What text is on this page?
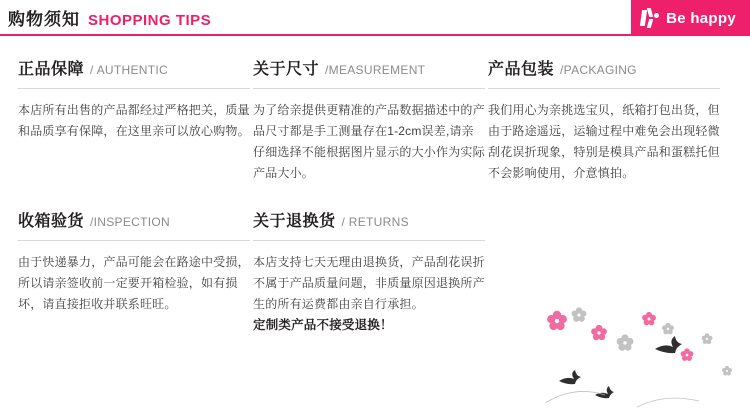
购物须知 SHOPPING TIPS	Be happy
正品保障 / AUTHENTIC

本店所有出售的产品都经过严格把关，质量和品质享有保障，在这里亲可以放心购物。

关于尺寸 /MEASUREMENT

为了给亲提供更精准的产品数据描述中的产品尺寸都是手工测量存在1-2cm误差,请亲仔细选择不能根据图片显示的大小作为实际产品大小。

产品包装 /PACKAGING

我们用心为亲挑选宝贝，纸箱打包出货，但由于路途遥远，运输过程中难免会出现轻微刮花误折现象，特别是模具产品和蛋糕托但不会影响使用，介意慎拍。

收箱验货 /INSPECTION

由于快递暴力，产品可能会在路途中受损，所以请亲签收前一定要开箱检验，如有损坏，请直接拒收并联系旺旺。

关于退换货 / RETURNS

本店支持七天无理由退换货，产品刮花误折不属于产品质量问题，非质量原因退换所产生的所有运费都由亲自行承担。

定制类产品不接受退换！
